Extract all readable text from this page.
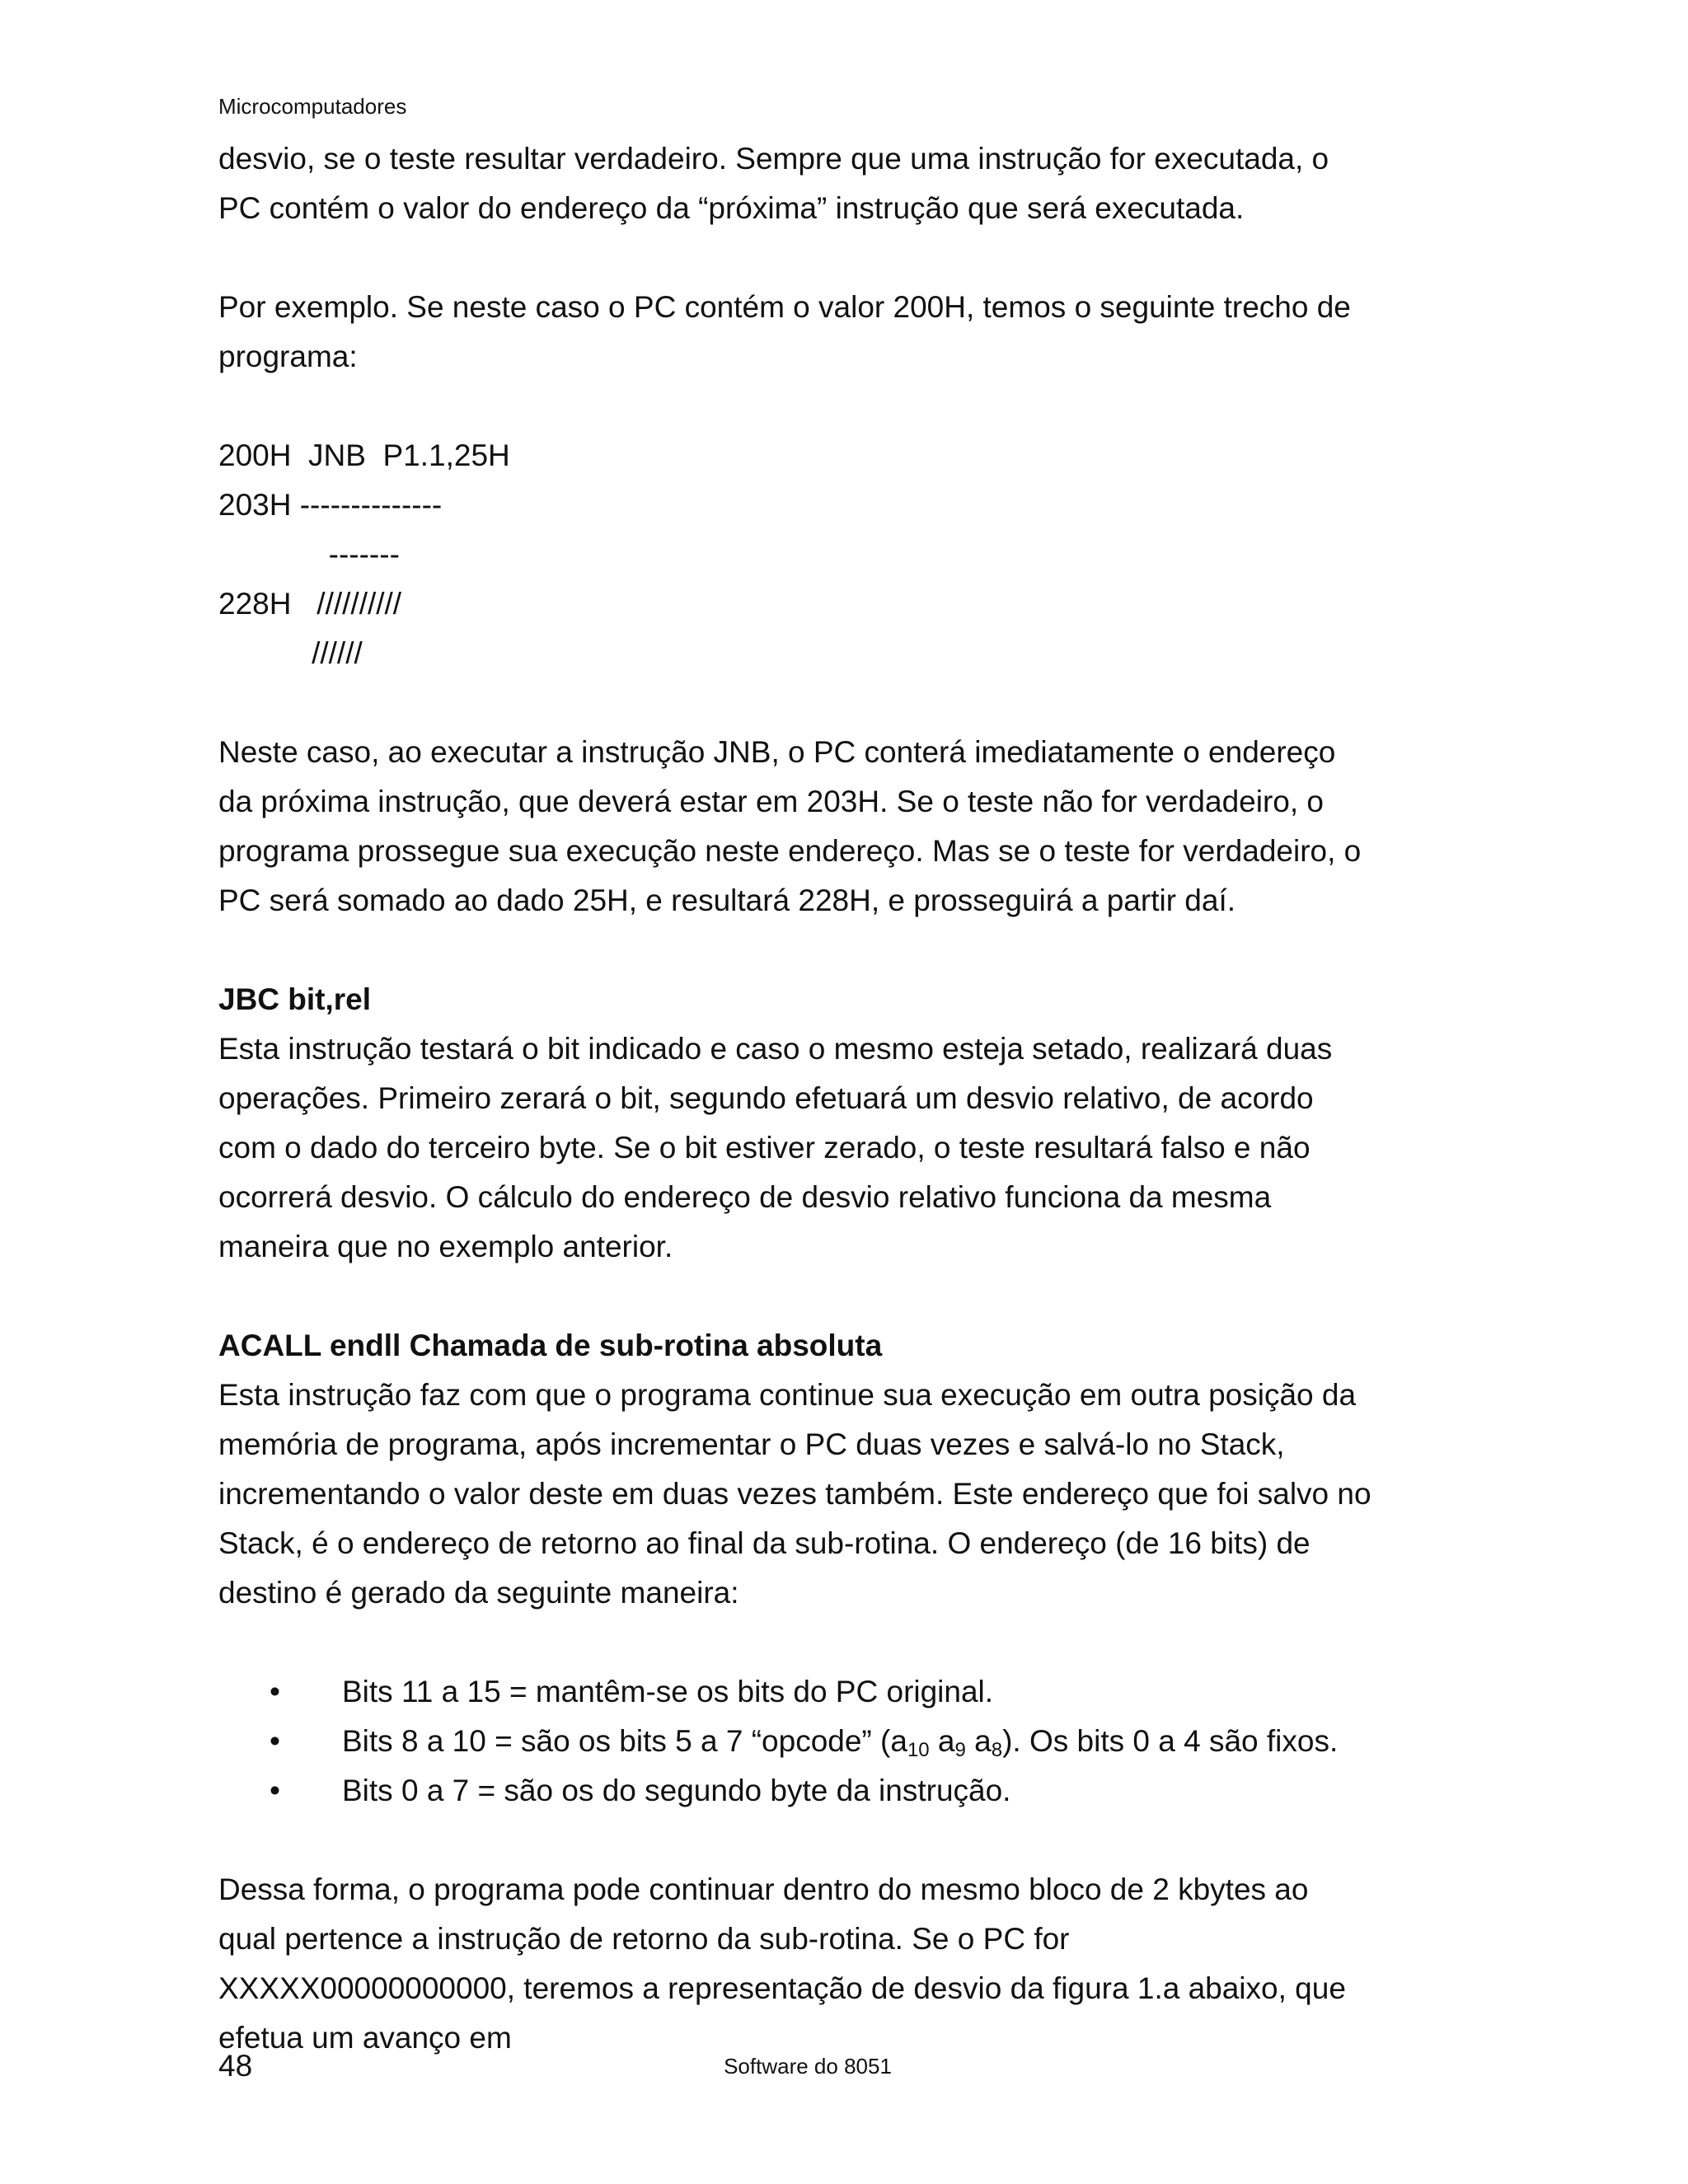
Microcomputadores

desvio, se o teste resultar verdadeiro. Sempre que uma instrução for executada, o PC contém o valor do endereço da “próxima” instrução que será executada.

Por exemplo. Se neste caso o PC contém o valor 200H, temos o seguinte trecho de programa:

200H  JNB  P1.1,25H

203H --------------

-------

228H   //////////

//////

Neste caso, ao executar a instrução JNB, o PC conterá imediatamente o endereço da próxima instrução, que deverá estar em 203H. Se o teste não for verdadeiro, o programa prossegue sua execução neste endereço. Mas se o teste for verdadeiro, o PC será somado ao dado 25H, e resultará 228H, e prosseguirá a partir daí.

JBC bit,rel

Esta instrução testará o bit indicado e caso o mesmo esteja setado, realizará duas operações. Primeiro zerará o bit, segundo efetuará um desvio relativo, de acordo com o dado do terceiro byte. Se o bit estiver zerado, o teste resultará falso e não ocorrerá desvio. O cálculo do endereço de desvio relativo funciona da mesma maneira que no exemplo anterior.

ACALL endll Chamada de sub-rotina absoluta

Esta instrução faz com que o programa continue sua execução em outra posição da memória de programa, após incrementar o PC duas vezes e salvá-lo no Stack, incrementando o valor deste em duas vezes também. Este endereço que foi salvo no Stack, é o endereço de retorno ao final da sub-rotina. O endereço (de 16 bits) de destino é gerado da seguinte maneira:

• Bits 11 a 15 = mantêm-se os bits do PC original.
• Bits 8 a 10 = são os bits 5 a 7 “opcode” ($a_{10}$ $a_9$ $a_8$). Os bits 0 a 4 são fixos.
• Bits 0 a 7 = são os do segundo byte da instrução.

Dessa forma, o programa pode continuar dentro do mesmo bloco de 2 kbytes ao qual pertence a instrução de retorno da sub-rotina. Se o PC for XXXXX00000000000, teremos a representação de desvio da figura 1.a abaixo, que efetua um avanço em

48	Software do 8051
